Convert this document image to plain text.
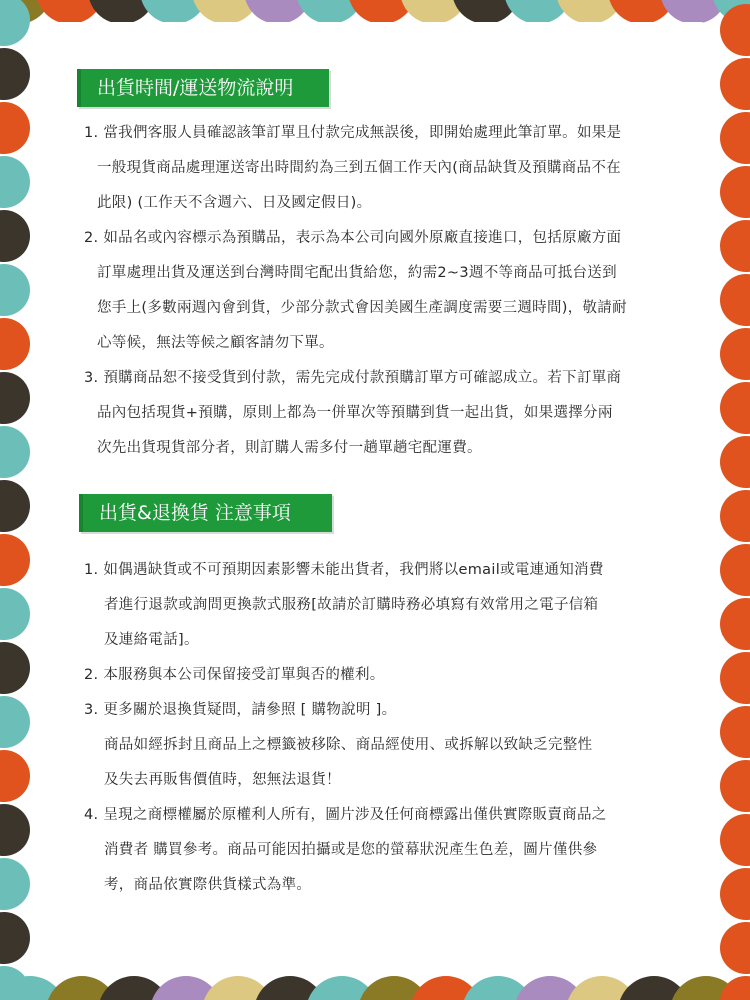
出貨時間/運送物流說明

1. 當我們客服人員確認該筆訂單且付款完成無誤後，即開始處理此筆訂單。如果是

一般現貨商品處理運送寄出時間約為三到五個工作天內(商品缺貨及預購商品不在

此限) (工作天不含週六、日及國定假日)。

2. 如品名或內容標示為預購品，表示為本公司向國外原廠直接進口，包括原廠方面

訂單處理出貨及運送到台灣時間宅配出貨給您，約需2~3週不等商品可抵台送到

您手上(多數兩週內會到貨，少部分款式會因美國生產調度需要三週時間)，敬請耐

心等候，無法等候之顧客請勿下單。

3. 預購商品恕不接受貨到付款，需先完成付款預購訂單方可確認成立。若下訂單商

品內包括現貨+預購，原則上都為一併單次等預購到貨一起出貨，如果選擇分兩

次先出貨現貨部分者，則訂購人需多付一趟單趟宅配運費。

出貨&退換貨 注意事項

1. 如偶遇缺貨或不可預期因素影響未能出貨者，我們將以email或電連通知消費

者進行退款或詢問更換款式服務[故請於訂購時務必填寫有效常用之電子信箱

及連絡電話]。

2. 本服務與本公司保留接受訂單與否的權利。

3. 更多關於退換貨疑問，請參照 [ 購物說明 ]。

商品如經拆封且商品上之標籤被移除、商品經使用、或拆解以致缺乏完整性

及失去再販售價值時，恕無法退貨！

4. 呈現之商標權屬於原權利人所有，圖片涉及任何商標露出僅供實際販賣商品之

消費者 購買參考。商品可能因拍攝或是您的螢幕狀況產生色差，圖片僅供參

考，商品依實際供貨樣式為準。
